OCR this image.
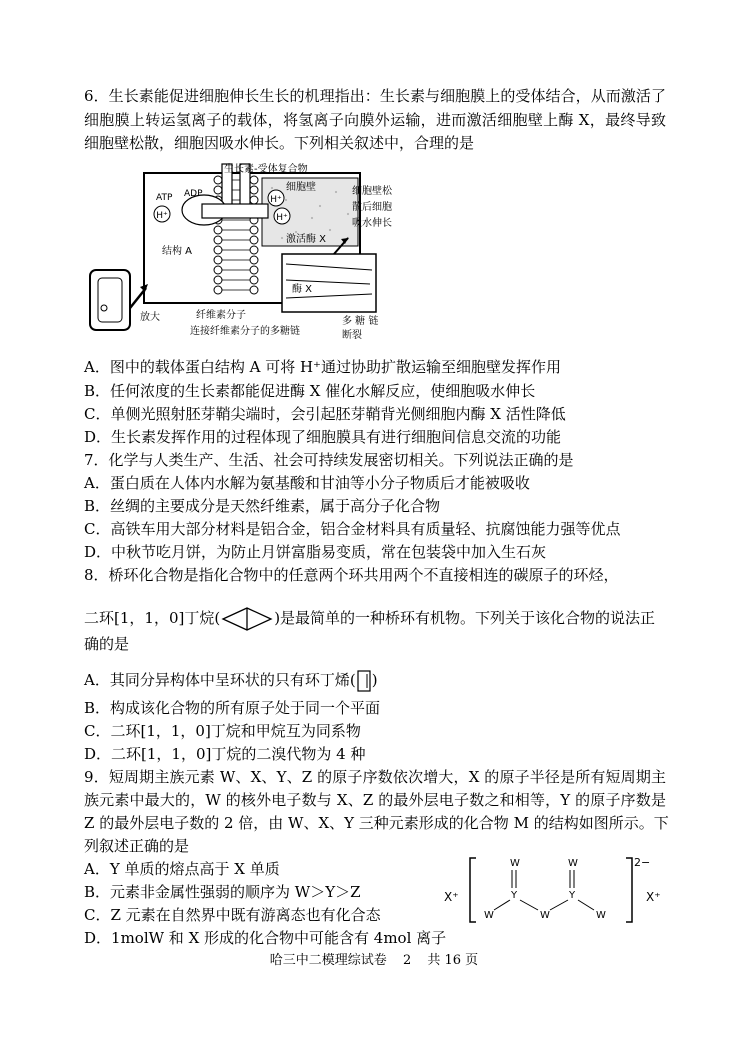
6．生长素能促进细胞伸长生长的机理指出：生长素与细胞膜上的受体结合，从而激活了
细胞膜上转运氢离子的载体，将氢离子向膜外运输，进而激活细胞壁上酶 X，最终导致
细胞壁松散，细胞因吸水伸长。下列相关叙述中，合理的是
H⁺
H⁺
H⁺
ATP ADP
结构 A
生长素-受体复合物
细胞壁
激活酶 X
细胞壁松
散后细胞
吸水伸长
酶 X
放大	纤维素分子
连接纤维素分子的多糖链
多 糖 链
断裂
A．图中的载体蛋白结构 A 可将 H⁺通过协助扩散运输至细胞壁发挥作用
B．任何浓度的生长素都能促进酶 X 催化水解反应，使细胞吸水伸长
C．单侧光照射胚芽鞘尖端时，会引起胚芽鞘背光侧细胞内酶 X 活性降低
D．生长素发挥作用的过程体现了细胞膜具有进行细胞间信息交流的功能
7．化学与人类生产、生活、社会可持续发展密切相关。下列说法正确的是
A．蛋白质在人体内水解为氨基酸和甘油等小分子物质后才能被吸收
B．丝绸的主要成分是天然纤维素，属于高分子化合物
C．高铁车用大部分材料是铝合金，铝合金材料具有质量轻、抗腐蚀能力强等优点
D．中秋节吃月饼，为防止月饼富脂易变质，常在包装袋中加入生石灰
8．桥环化合物是指化合物中的任意两个环共用两个不直接相连的碳原子的环烃，
二环[1，1，0]丁烷(	)是最简单的一种桥环有机物。下列关于该化合物的说法正
确的是
A．其同分异构体中呈环状的只有环丁烯( )
B．构成该化合物的所有原子处于同一个平面
C．二环[1，1，0]丁烷和甲烷互为同系物
D．二环[1，1，0]丁烷的二溴代物为 4 种
9．短周期主族元素 W、X、Y、Z 的原子序数依次增大，X 的原子半径是所有短周期主
族元素中最大的，W 的核外电子数与 X、Z 的最外层电子数之和相等，Y 的原子序数是
Z 的最外层电子数的 2 倍，由 W、X、Y 三种元素形成的化合物 M 的结构如图所示。下
列叙述正确的是
A．Y 单质的熔点高于 X 单质
B．元素非金属性强弱的顺序为 W＞Y＞Z
C．Z 元素在自然界中既有游离态也有化合态
D．1molW 和 X 形成的化合物中可能含有 4mol 离子
X⁺
2−
X⁺
W	W
Y	Y
W	W	W
哈三中二模理综试卷 2 共 16 页
